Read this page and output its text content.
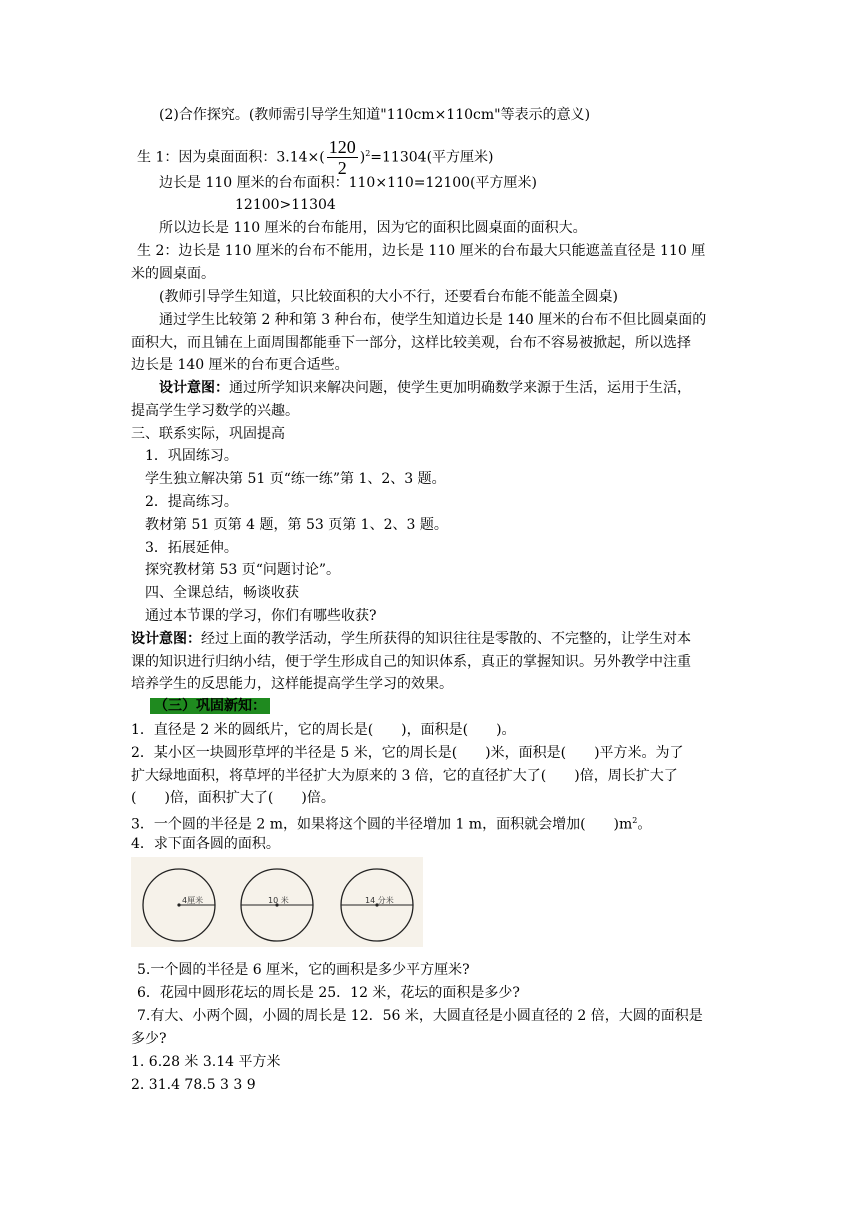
(2)合作探究。(教师需引导学生知道"110cm×110cm"等表示的意义)
生 1：因为桌面面积：$3.14\times( \frac{120}{2} )^2=11304$(平方厘米)
边长是 110 厘米的台布面积：110×110=12100(平方厘米)
12100>11304
所以边长是 110 厘米的台布能用，因为它的面积比圆桌面的面积大。
生 2：边长是 110 厘米的台布不能用，边长是 110 厘米的台布最大只能遮盖直径是 110 厘
米的圆桌面。
(教师引导学生知道，只比较面积的大小不行，还要看台布能不能盖全圆桌)
通过学生比较第 2 种和第 3 种台布，使学生知道边长是 140 厘米的台布不但比圆桌面的
面积大，而且铺在上面周围都能垂下一部分，这样比较美观，台布不容易被掀起，所以选择
边长是 140 厘米的台布更合适些。
设计意图：通过所学知识来解决问题，使学生更加明确数学来源于生活，运用于生活，
提高学生学习数学的兴趣。
三、联系实际，巩固提高
1．巩固练习。
学生独立解决第 51 页“练一练”第 1、2、3 题。
2．提高练习。
教材第 51 页第 4 题，第 53 页第 1、2、3 题。
3．拓展延伸。
探究教材第 53 页“问题讨论”。
四、全课总结，畅谈收获
通过本节课的学习，你们有哪些收获?
设计意图：经过上面的教学活动，学生所获得的知识往往是零散的、不完整的，让学生对本
课的知识进行归纳小结，便于学生形成自己的知识体系，真正的掌握知识。另外教学中注重
培养学生的反思能力，这样能提高学生学习的效果。
（三）巩固新知：
1．直径是 2 米的圆纸片，它的周长是(　　)，面积是(　　)。
2．某小区一块圆形草坪的半径是 5 米，它的周长是(　　)米，面积是(　　)平方米。为了
扩大绿地面积，将草坪的半径扩大为原来的 3 倍，它的直径扩大了(　　)倍，周长扩大了
(　　)倍，面积扩大了(　　)倍。
3．一个圆的半径是 2 m，如果将这个圆的半径增加 1 m，面积就会增加(　　)$m^2$。
4．求下面各圆的面积。
4厘米	10 米	14 分米
5.一个圆的半径是 6 厘米，它的画积是多少平方厘米?
6．花园中圆形花坛的周长是 25．12 米，花坛的面积是多少?
7.有大、小两个圆，小圆的周长是 12．56 米，大圆直径是小圆直径的 2 倍，大圆的面积是
多少?
1. 6.28 米 3.14 平方米
2. 31.4 78.5 3 3 9
